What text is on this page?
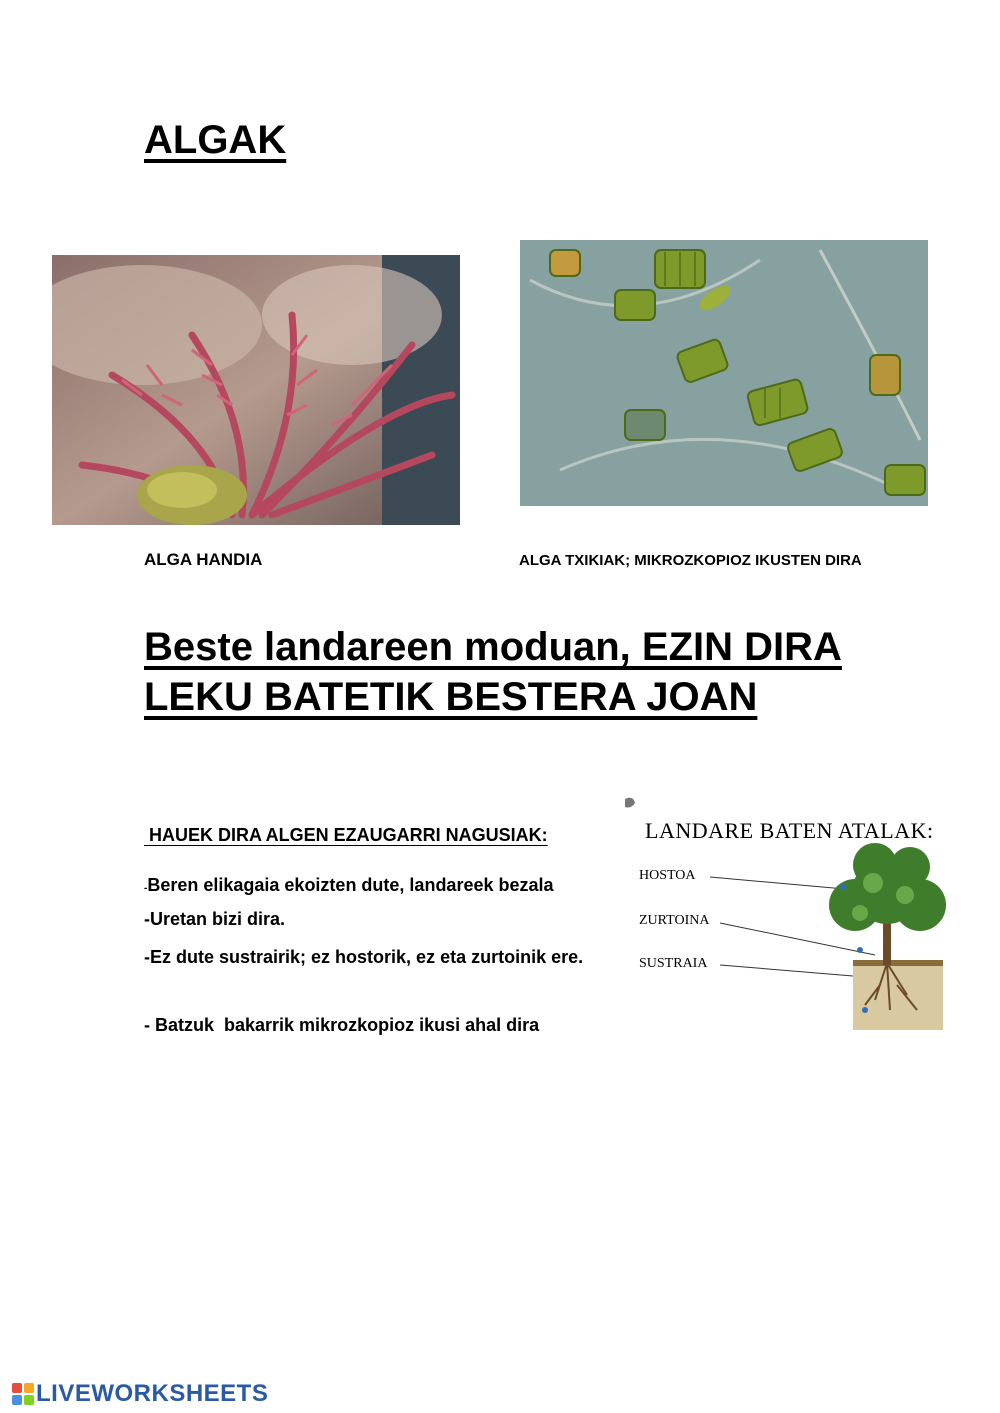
ALGAK
ALGA HANDIA	ALGA TXIKIAK; MIKROZKOPIOZ IKUSTEN DIRA
Beste landareen moduan, EZIN DIRA LEKU BATETIK BESTERA JOAN
HAUEK DIRA ALGEN EZAUGARRI NAGUSIAK:
-Beren elikagaia ekoizten dute, landareek bezala
-Uretan bizi dira.
-Ez dute sustrairik; ez hostorik, ez eta zurtoinik ere.
- Batzuk  bakarrik mikrozkopioz ikusi ahal dira
LANDARE BATEN ATALAK:
HOSTOA
ZURTOINA
SUSTRAIA
LIVEWORKSHEETS
